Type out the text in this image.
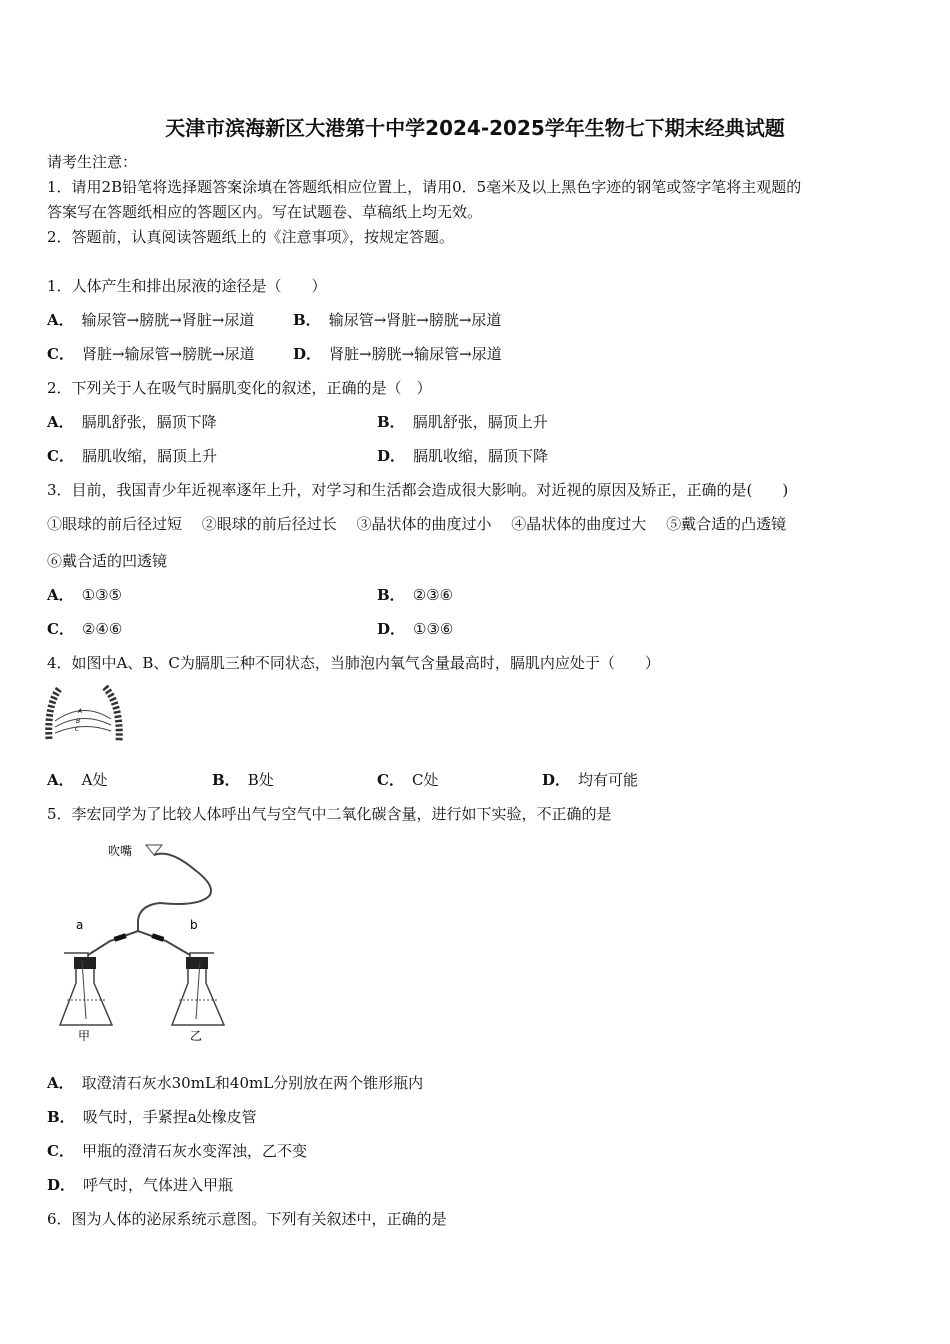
天津市滨海新区大港第十中学2024-2025学年生物七下期末经典试题
请考生注意：
1．请用2B铅笔将选择题答案涂填在答题纸相应位置上，请用0．5毫米及以上黑色字迹的钢笔或签字笔将主观题的
答案写在答题纸相应的答题区内。写在试题卷、草稿纸上均无效。
2．答题前，认真阅读答题纸上的《注意事项》，按规定答题。
1．人体产生和排出尿液的途径是（　　）
A． 输尿管→膀胱→肾脏→尿道	B． 输尿管→肾脏→膀胱→尿道
C． 肾脏→输尿管→膀胱→尿道	D． 肾脏→膀胱→输尿管→尿道
2．下列关于人在吸气时膈肌变化的叙述，正确的是（　）
A． 膈肌舒张，膈顶下降	B． 膈肌舒张，膈顶上升
C． 膈肌收缩，膈顶上升	D． 膈肌收缩，膈顶下降
3．目前，我国青少年近视率逐年上升，对学习和生活都会造成很大影响。对近视的原因及矫正，正确的是(　　)
①眼球的前后径过短　 ②眼球的前后径过长　 ③晶状体的曲度过小　 ④晶状体的曲度过大　 ⑤戴合适的凸透镜
⑥戴合适的凹透镜
A． ①③⑤	B． ②③⑥
C． ②④⑥	D． ①③⑥
4．如图中A、B、C为膈肌三种不同状态，当肺泡内氧气含量最高时，膈肌内应处于（　　）
A
B
C
A． A处	B． B处	C． C处	D． 均有可能
5．李宏同学为了比较人体呼出气与空气中二氧化碳含量，进行如下实验，不正确的是
吹嘴
a	b
甲	乙
A． 取澄清石灰水30mL和40mL分别放在两个锥形瓶内
B． 吸气时，手紧捏a处橡皮管
C． 甲瓶的澄清石灰水变浑浊，乙不变
D． 呼气时，气体进入甲瓶
6．图为人体的泌尿系统示意图。下列有关叙述中，正确的是
